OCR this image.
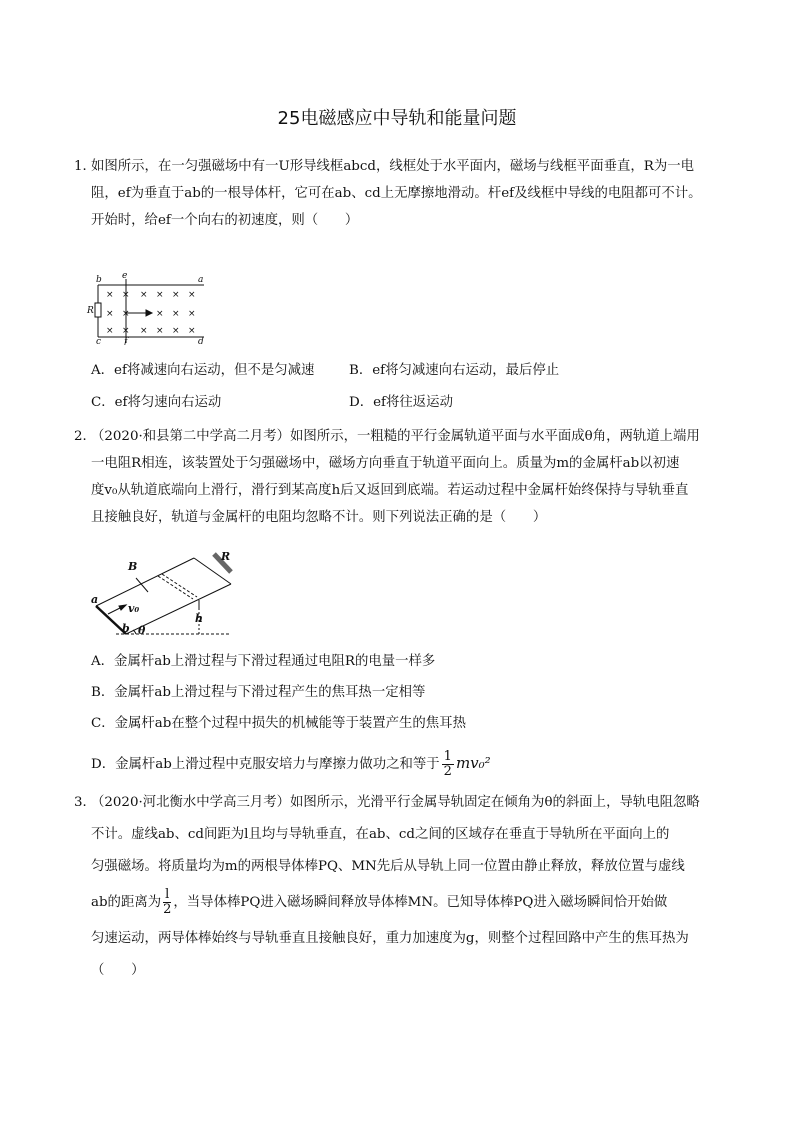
25电磁感应中导轨和能量问题

1．如图所示，在一匀强磁场中有一U形导线框abcd，线框处于水平面内，磁场与线框平面垂直，R为一电

阻，ef为垂直于ab的一根导体杆，它可在ab、cd上无摩擦地滑动。杆ef及线框中导线的电阻都可不计。

开始时，给ef一个向右的初速度，则（　　）

b e	a
R
c	f	d
× × × × × ×
× ×	× × ×
× × × × × ×
A．ef将减速向右运动，但不是匀减速	B．ef将匀减速向右运动，最后停止
C．ef将匀速向右运动	D．ef将往返运动

2．（2020·和县第二中学高二月考）如图所示，一粗糙的平行金属轨道平面与水平面成θ角，两轨道上端用

一电阻R相连，该装置处于匀强磁场中，磁场方向垂直于轨道平面向上。质量为m的金属杆ab以初速

度v₀从轨道底端向上滑行，滑行到某高度h后又返回到底端。若运动过程中金属杆始终保持与导轨垂直

且接触良好，轨道与金属杆的电阻均忽略不计。则下列说法正确的是（　　）

B
R
a
v₀
b θ
h
A．金属杆ab上滑过程与下滑过程通过电阻R的电量一样多
B．金属杆ab上滑过程与下滑过程产生的焦耳热一定相等
C．金属杆ab在整个过程中损失的机械能等于装置产生的焦耳热
D．金属杆ab上滑过程中克服安培力与摩擦力做功之和等于 $\frac{1}{2} mv_0^2$

3．（2020·河北衡水中学高三月考）如图所示，光滑平行金属导轨固定在倾角为θ的斜面上，导轨电阻忽略

不计。虚线ab、cd间距为l且均与导轨垂直，在ab、cd之间的区域存在垂直于导轨所在平面向上的

匀强磁场。将质量均为m的两根导体棒PQ、MN先后从导轨上同一位置由静止释放，释放位置与虚线

ab的距离为 $\frac{l}{2}$ ，当导体棒PQ进入磁场瞬间释放导体棒MN。已知导体棒PQ进入磁场瞬间恰开始做

匀速运动，两导体棒始终与导轨垂直且接触良好，重力加速度为g，则整个过程回路中产生的焦耳热为

（　　）
